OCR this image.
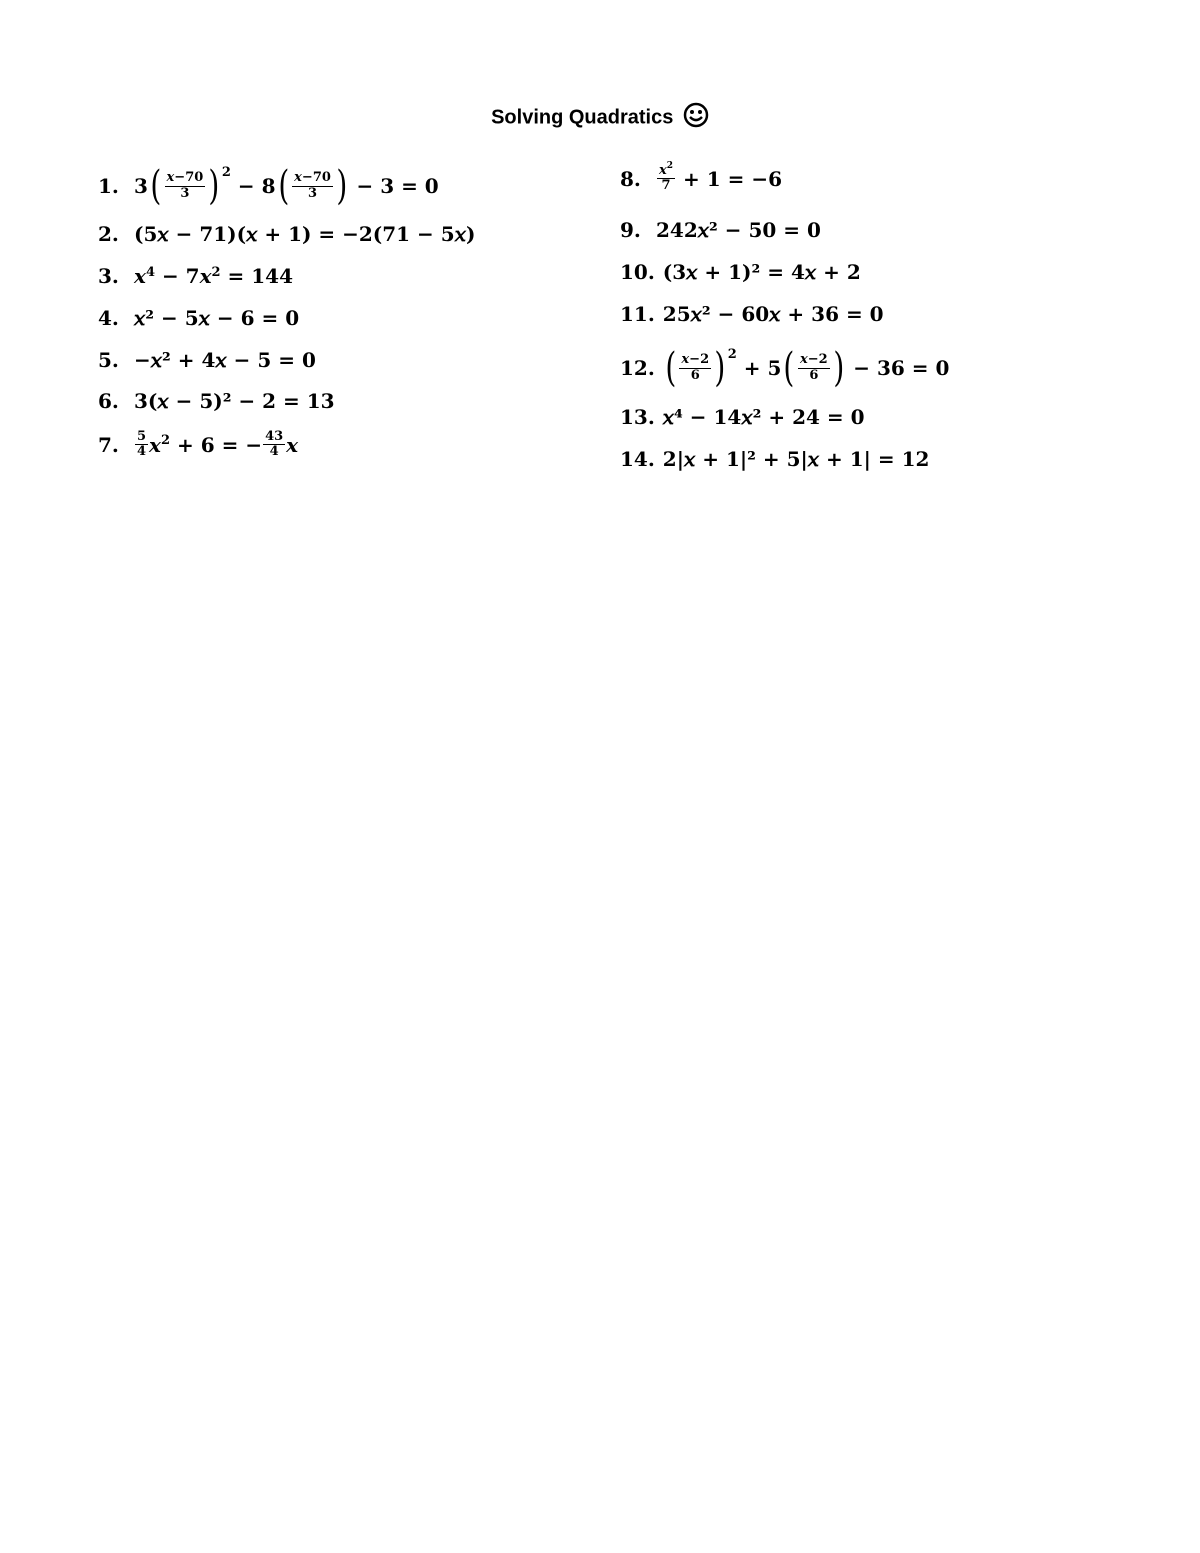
Solving Quadratics
1. 3 ( $\frac{x-70}{3} )^2$
− 8 ( $\frac{x-70}{3}$ ) − 3 = 0
2. (5𝑥 − 71)(𝑥 + 1) = −2(71 − 5𝑥)
3. $x^4 - 7$ $x^2 = 144$
4. 𝑥² − 5𝑥 − 6 = 0
5. −𝑥² + 4𝑥 − 5 = 0
6. 3(𝑥 − 5)² − 2 = 13
7.	$\frac{5}{4} x^2 + 6$ = − $\frac{43}{4}$ x
8.	$\frac{x^2}{7} + 1 = -6$
9. 242𝑥² − 50 = 0
10. (3𝑥 + 1)² = 4𝑥 + 2
11. 25𝑥² − 60𝑥 + 36 = 0
12. ( $\frac{x-2}{6} )^2$
+ 5 ( $\frac{x-2}{6}$ ) − 36 = 0
13. 𝑥⁴ − 14𝑥² + 24 = 0
14. 2|𝑥 + 1|² + 5|𝑥 + 1| = 12
